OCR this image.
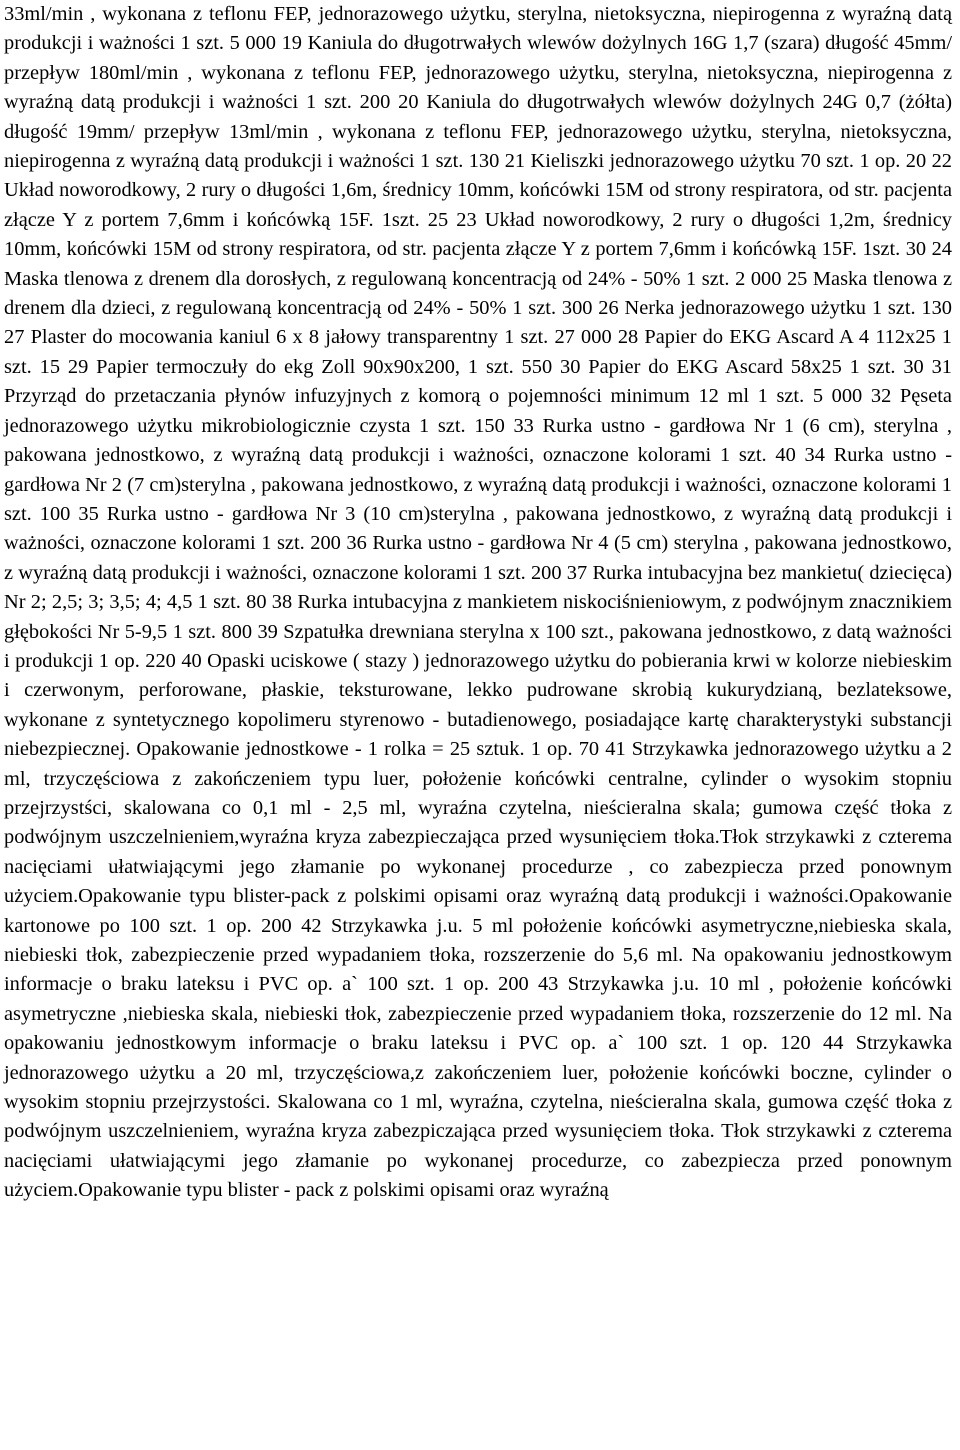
33ml/min , wykonana z teflonu FEP, jednorazowego użytku, sterylna, nietoksyczna, niepirogenna z wyraźną datą produkcji i ważności 1 szt. 5 000 19 Kaniula do długotrwałych wlewów dożylnych 16G 1,7 (szara) długość 45mm/ przepływ 180ml/min , wykonana z teflonu FEP, jednorazowego użytku, sterylna, nietoksyczna, niepirogenna z wyraźną datą produkcji i ważności 1 szt. 200 20 Kaniula do długotrwałych wlewów dożylnych 24G 0,7 (żółta) długość 19mm/ przepływ 13ml/min , wykonana z teflonu FEP, jednorazowego użytku, sterylna, nietoksyczna, niepirogenna z wyraźną datą produkcji i ważności 1 szt. 130 21 Kieliszki jednorazowego użytku 70 szt. 1 op. 20 22 Układ noworodkowy, 2 rury o długości 1,6m, średnicy 10mm, końcówki 15M od strony respiratora, od str. pacjenta złącze Y z portem 7,6mm i końcówką 15F. 1szt. 25 23 Układ noworodkowy, 2 rury o długości 1,2m, średnicy 10mm, końcówki 15M od strony respiratora, od str. pacjenta złącze Y z portem 7,6mm i końcówką 15F. 1szt. 30 24 Maska tlenowa z drenem dla dorosłych, z regulowaną koncentracją od 24% - 50% 1 szt. 2 000 25 Maska tlenowa z drenem dla dzieci, z regulowaną koncentracją od 24% - 50% 1 szt. 300 26 Nerka jednorazowego użytku 1 szt. 130 27 Plaster do mocowania kaniul 6 x 8 jałowy transparentny 1 szt. 27 000 28 Papier do EKG Ascard A 4 112x25 1 szt. 15 29 Papier termoczuły do ekg Zoll 90x90x200, 1 szt. 550 30 Papier do EKG Ascard 58x25 1 szt. 30 31 Przyrząd do przetaczania płynów infuzyjnych z komorą o pojemności minimum 12 ml 1 szt. 5 000 32 Pęseta jednorazowego użytku mikrobiologicznie czysta 1 szt. 150 33 Rurka ustno - gardłowa Nr 1 (6 cm), sterylna , pakowana jednostkowo, z wyraźną datą produkcji i ważności, oznaczone kolorami 1 szt. 40 34 Rurka ustno - gardłowa Nr 2 (7 cm)sterylna , pakowana jednostkowo, z wyraźną datą produkcji i ważności, oznaczone kolorami 1 szt. 100 35 Rurka ustno - gardłowa Nr 3 (10 cm)sterylna , pakowana jednostkowo, z wyraźną datą produkcji i ważności, oznaczone kolorami 1 szt. 200 36 Rurka ustno - gardłowa Nr 4 (5 cm) sterylna , pakowana jednostkowo, z wyraźną datą produkcji i ważności, oznaczone kolorami 1 szt. 200 37 Rurka intubacyjna bez mankietu( dziecięca) Nr 2; 2,5; 3; 3,5; 4; 4,5 1 szt. 80 38 Rurka intubacyjna z mankietem niskociśnieniowym, z podwójnym znacznikiem głębokości Nr 5-9,5 1 szt. 800 39 Szpatułka drewniana sterylna x 100 szt., pakowana jednostkowo, z datą ważności i produkcji 1 op. 220 40 Opaski uciskowe ( stazy ) jednorazowego użytku do pobierania krwi w kolorze niebieskim i czerwonym, perforowane, płaskie, teksturowane, lekko pudrowane skrobią kukurydzianą, bezlateksowe, wykonane z syntetycznego kopolimeru styrenowo - butadienowego, posiadające kartę charakterystyki substancji niebezpiecznej. Opakowanie jednostkowe - 1 rolka = 25 sztuk. 1 op. 70 41 Strzykawka jednorazowego użytku a 2 ml, trzyczęściowa z zakończeniem typu luer, położenie końcówki centralne, cylinder o wysokim stopniu przejrzystści, skalowana co 0,1 ml - 2,5 ml, wyraźna czytelna, nieścieralna skala; gumowa część tłoka z podwójnym uszczelnieniem,wyraźna kryza zabezpieczająca przed wysunięciem tłoka.Tłok strzykawki z czterema nacięciami ułatwiającymi jego złamanie po wykonanej procedurze , co zabezpiecza przed ponownym użyciem.Opakowanie typu blister-pack z polskimi opisami oraz wyraźną datą produkcji i ważności.Opakowanie kartonowe po 100 szt. 1 op. 200 42 Strzykawka j.u. 5 ml położenie końcówki asymetryczne,niebieska skala, niebieski tłok, zabezpieczenie przed wypadaniem tłoka, rozszerzenie do 5,6 ml. Na opakowaniu jednostkowym informacje o braku lateksu i PVC op. a` 100 szt. 1 op. 200 43 Strzykawka j.u. 10 ml , położenie końcówki asymetryczne ,niebieska skala, niebieski tłok, zabezpieczenie przed wypadaniem tłoka, rozszerzenie do 12 ml. Na opakowaniu jednostkowym informacje o braku lateksu i PVC op. a` 100 szt. 1 op. 120 44 Strzykawka jednorazowego użytku a 20 ml, trzyczęściowa,z zakończeniem luer, położenie końcówki boczne, cylinder o wysokim stopniu przejrzystości. Skalowana co 1 ml, wyraźna, czytelna, nieścieralna skala, gumowa część tłoka z podwójnym uszczelnieniem, wyraźna kryza zabezpiczająca przed wysunięciem tłoka. Tłok strzykawki z czterema nacięciami ułatwiającymi jego złamanie po wykonanej procedurze, co zabezpiecza przed ponownym użyciem.Opakowanie typu blister - pack z polskimi opisami oraz wyraźną
